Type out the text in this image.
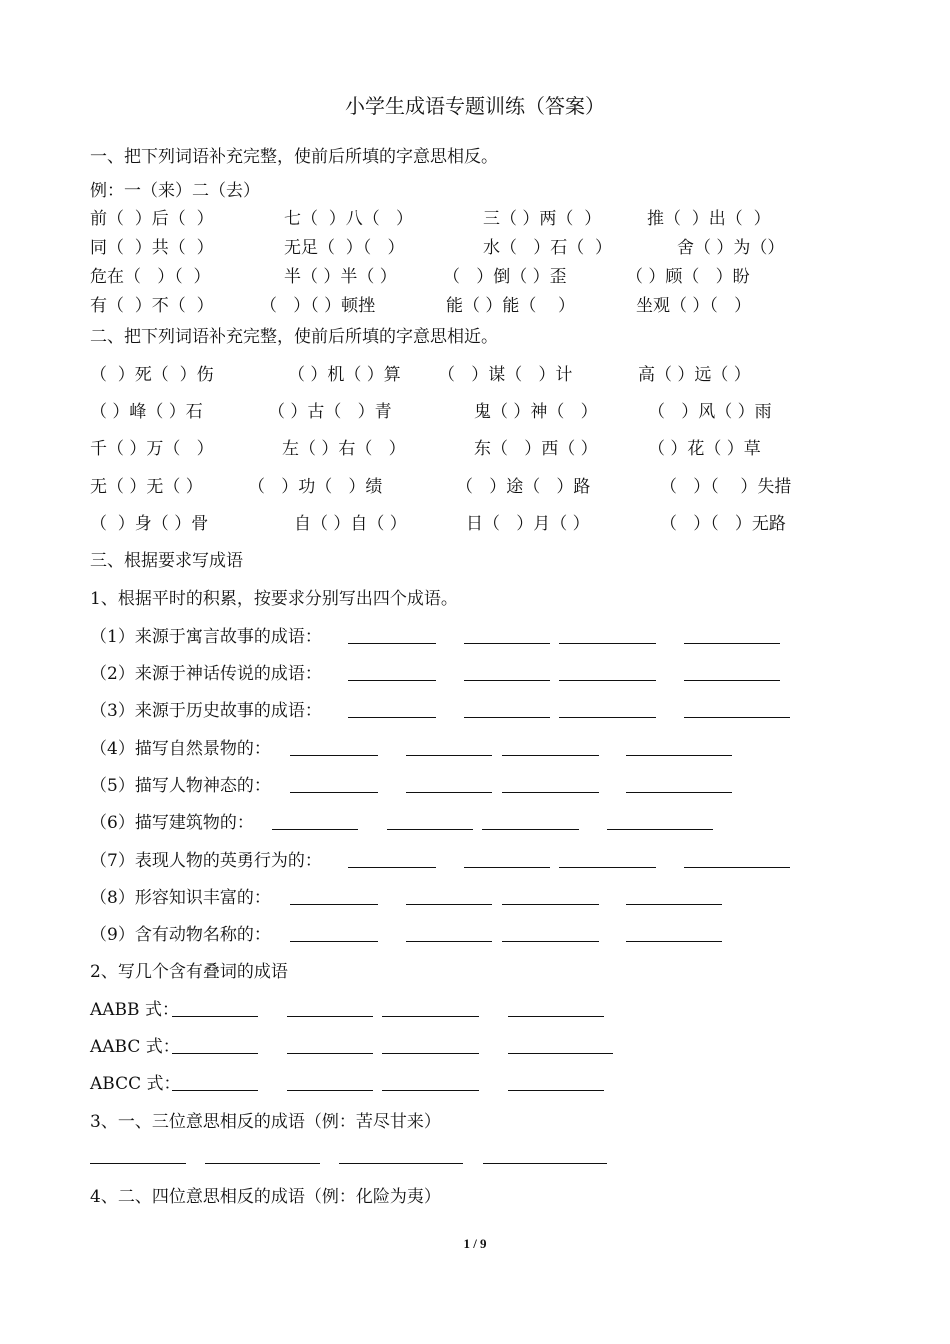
小学生成语专题训练（答案）
一、把下列词语补充完整，使前后所填的字意思相反。
例：一（来）二（去）
前（  ）后（  ）	七（  ）八（   ）	三（ ）两（  ）	推（  ）出（  ）
同（  ）共（  ）	无足（  ）（   ）	水（   ）石（  ）	舍（ ）为（）
危在（   ）（  ）	半（ ）半（ ）	（   ）倒（ ）歪	（ ）顾（   ）盼
有（  ）不（  ）	（   ）（ ）顿挫	能（ ）能（    ）	坐观（ ）（   ）
二、把下列词语补充完整，使前后所填的字意思相近。
（  ）死（  ）伤	（ ）机（ ）算 （   ）谋（   ）计	高（ ）远（ ）
（ ）峰（ ）石	（ ）古（   ）青	鬼（ ）神（   ）	（   ）风（ ）雨
千（ ）万（   ）	左（ ）右（   ）	东（   ）西（ ）	（ ）花（ ）草
无（ ）无（ ）	（   ）功（   ）绩	（   ）途（   ）路	（   ）（    ）失措
（  ）身（ ）骨	自（ ）自（ ）	日（   ）月（ ）	（   ）（   ）无路
三、根据要求写成语
1、根据平时的积累，按要求分别写出四个成语。
（1）来源于寓言故事的成语：
（2）来源于神话传说的成语：
（3）来源于历史故事的成语：
（4）描写自然景物的：
（5）描写人物神态的：
（6）描写建筑物的：
（7）表现人物的英勇行为的：
（8）形容知识丰富的：
（9）含有动物名称的：
2、写几个含有叠词的成语
AABB 式：
AABC 式：
ABCC 式：
3、一、三位意思相反的成语（例：苦尽甘来）
4、二、四位意思相反的成语（例：化险为夷）
1 / 9
